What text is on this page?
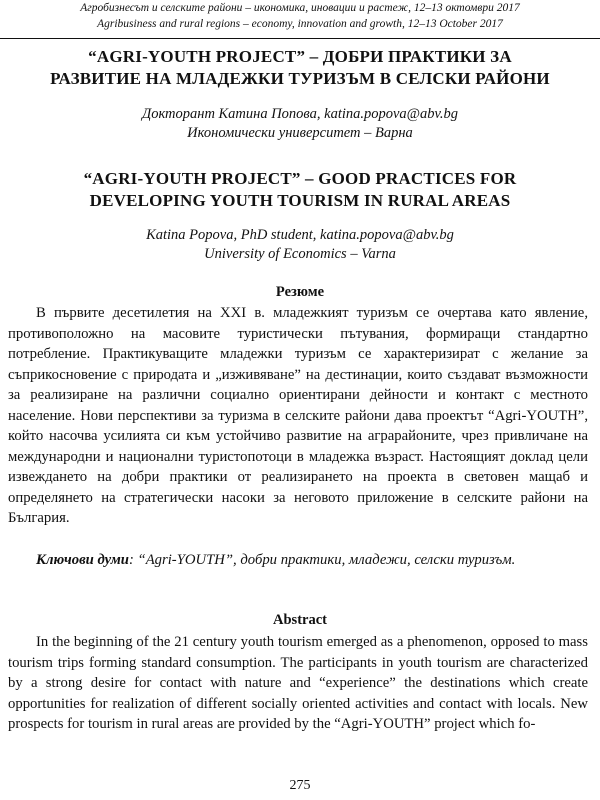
Агробизнесът и селските райони – икономика, иновации и растеж, 12–13 октомври 2017
Agribusiness and rural regions – economy, innovation and growth, 12–13 October 2017
“AGRI-YOUTH PROJECT” – ДОБРИ ПРАКТИКИ ЗА
РАЗВИТИЕ НА МЛАДЕЖКИ ТУРИЗЪМ В СЕЛСКИ РАЙОНИ
Докторант Катина Попова, katina.popova@abv.bg
Икономически университет – Варна
“AGRI-YOUTH PROJECT” – GOOD PRACTICES FOR
DEVELOPING YOUTH TOURISM IN RURAL AREAS
Katina Popova, PhD student, katina.popova@abv.bg
University of Economics – Varna
Резюме

В първите десетилетия на XXI в. младежкият туризъм се очертава като явление, противоположно на масовите туристически пътувания, формиращи стандартно потребление. Практикуващите младежки туризъм се характеризират с желание за съприкосновение с природата и „изживяване” на дестинации, които създават възможности за реализиране на различни социално ориентирани дейности и контакт с местното население. Нови перспективи за туризма в селските райони дава проектът “Agri-YOUTH”, който насочва усилията си към устойчиво развитие на аграрайоните, чрез привличане на международни и национални туристопотоци в младежка възраст. Настоящият доклад цели извеждането на добри практики от реализирането на проекта в световен мащаб и определянето на стратегически насоки за неговото приложение в селските райони на България.

Ключови думи: “Agri-YOUTH”, добри практики, младежи, селски туризъм.

Abstract

In the beginning of the 21 century youth tourism emerged as a phenomenon, opposed to mass tourism trips forming standard consumption. The participants in youth tourism are characterized by a strong desire for contact with nature and “experience” the destinations which create opportunities for realization of different socially oriented activities and contact with locals. New prospects for tourism in rural areas are provided by the “Agri-YOUTH” project which fo-

275
